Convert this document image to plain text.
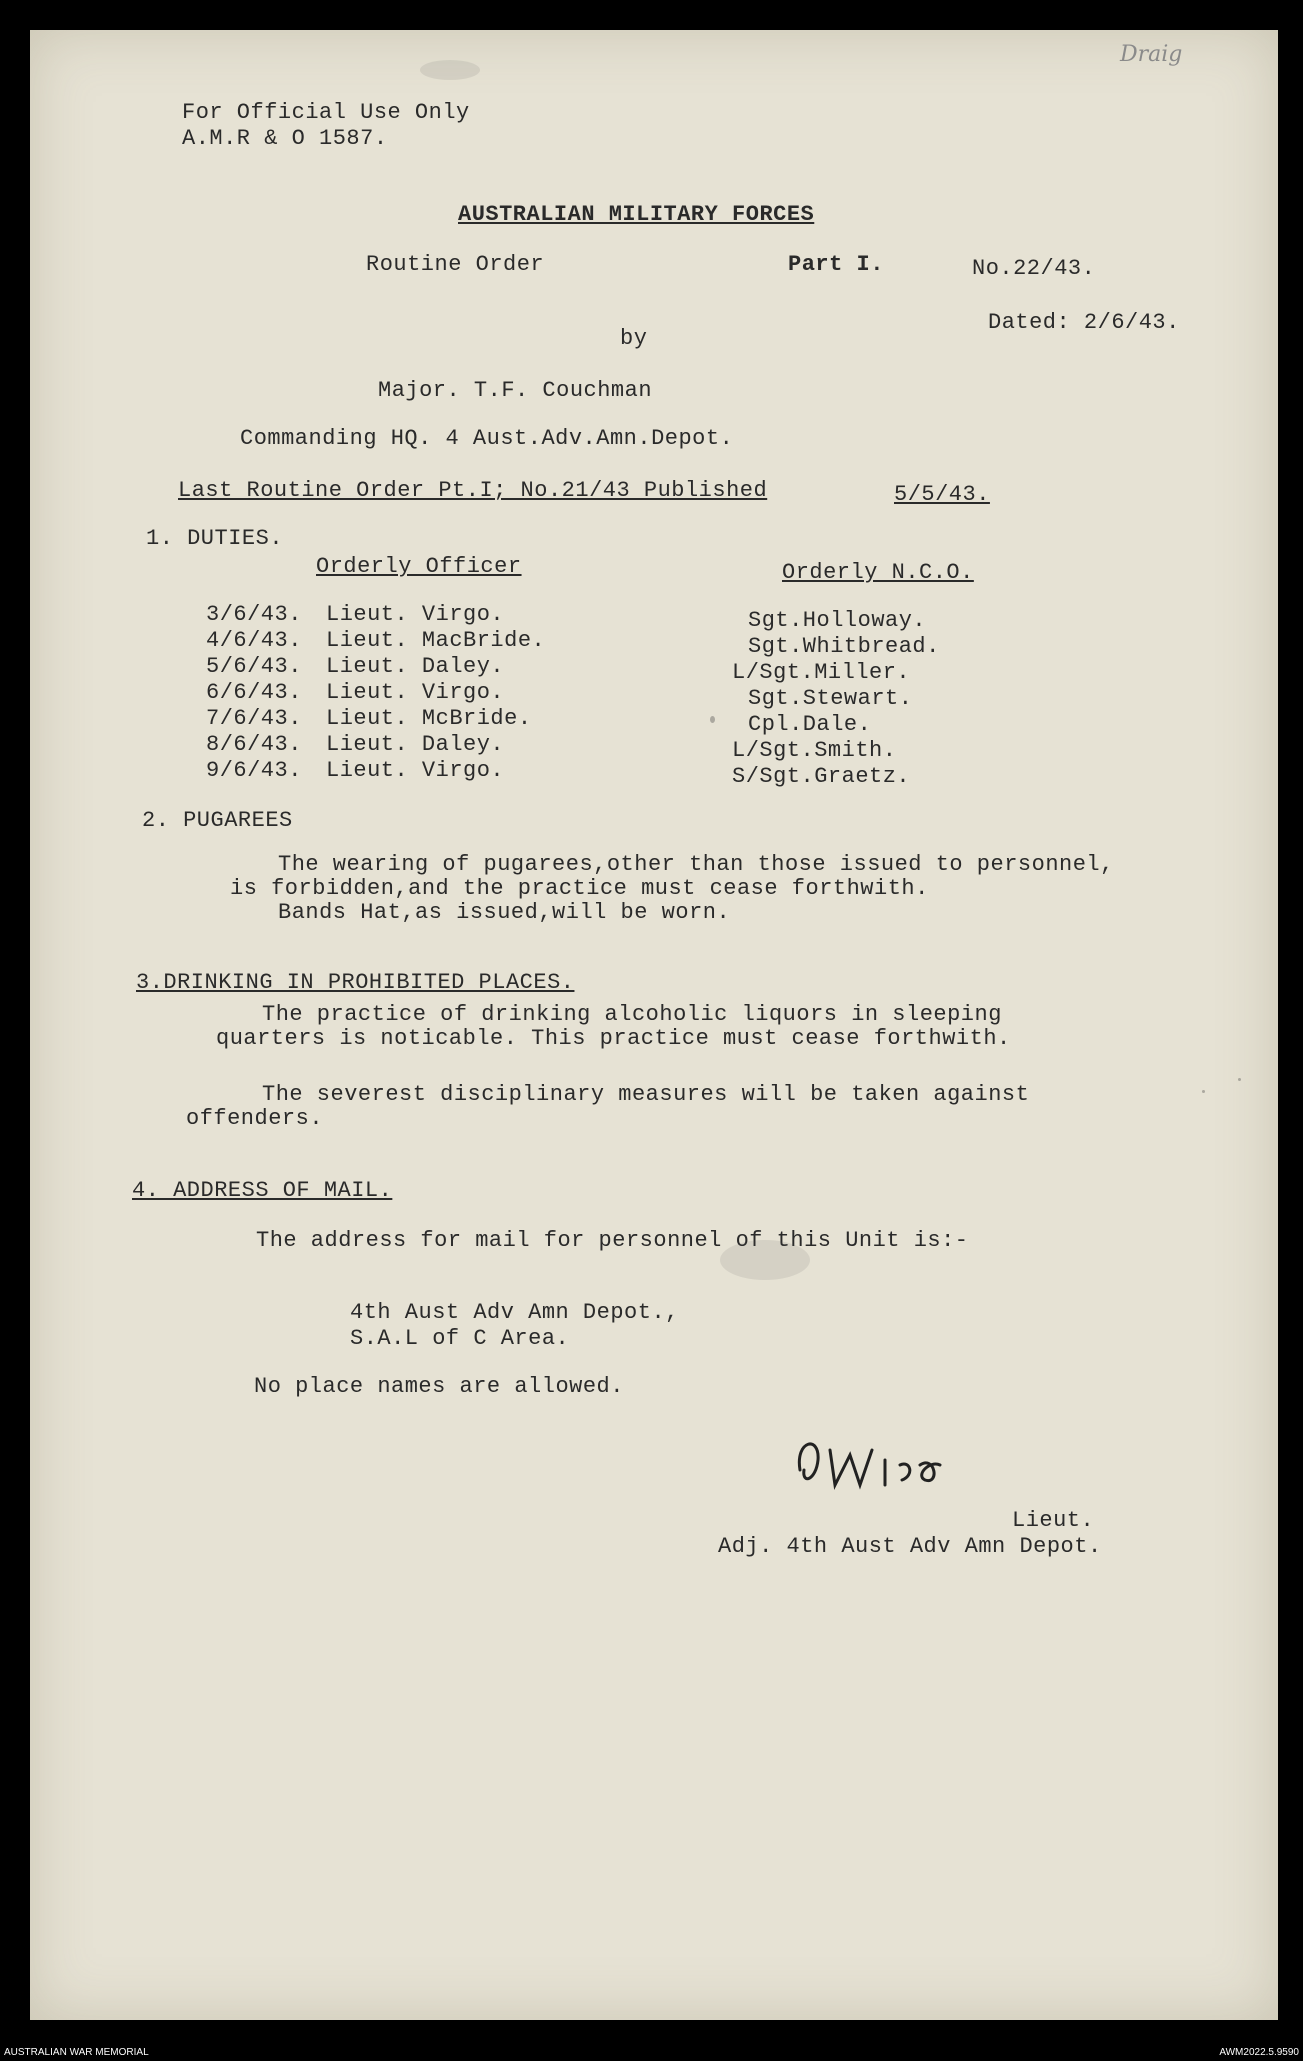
Draig
For Official Use Only
A.M.R & O 1587.
AUSTRALIAN MILITARY FORCES
Routine Order	Part I.	No.22/43.
Dated: 2/6/43.
by
Major. T.F. Couchman
Commanding HQ. 4 Aust.Adv.Amn.Depot.
Last Routine Order Pt.I; No.21/43 Published	5/5/43.
1. DUTIES.
Orderly Officer	Orderly N.C.O.
3/6/43. Lieut. Virgo.	Sgt.Holloway.
4/6/43. Lieut. MacBride.	Sgt.Whitbread.
5/6/43. Lieut. Daley.	L/Sgt.Miller.
6/6/43. Lieut. Virgo.	Sgt.Stewart.
7/6/43. Lieut. McBride.	Cpl.Dale.
8/6/43. Lieut. Daley.	L/Sgt.Smith.
9/6/43. Lieut. Virgo.	S/Sgt.Graetz.
2. PUGAREES
The wearing of pugarees,other than those issued to personnel,
is forbidden,and the practice must cease forthwith.
Bands Hat,as issued,will be worn.
3.DRINKING IN PROHIBITED PLACES.
The practice of drinking alcoholic liquors in sleeping
quarters is noticable. This practice must cease forthwith.
The severest disciplinary measures will be taken against
offenders.
4. ADDRESS OF MAIL.
The address for mail for personnel of this Unit is:-
4th Aust Adv Amn Depot.,
S.A.L of C Area.
No place names are allowed.
Lieut.
Adj. 4th Aust Adv Amn Depot.
AUSTRALIAN WAR MEMORIAL	AWM2022.5.9590
